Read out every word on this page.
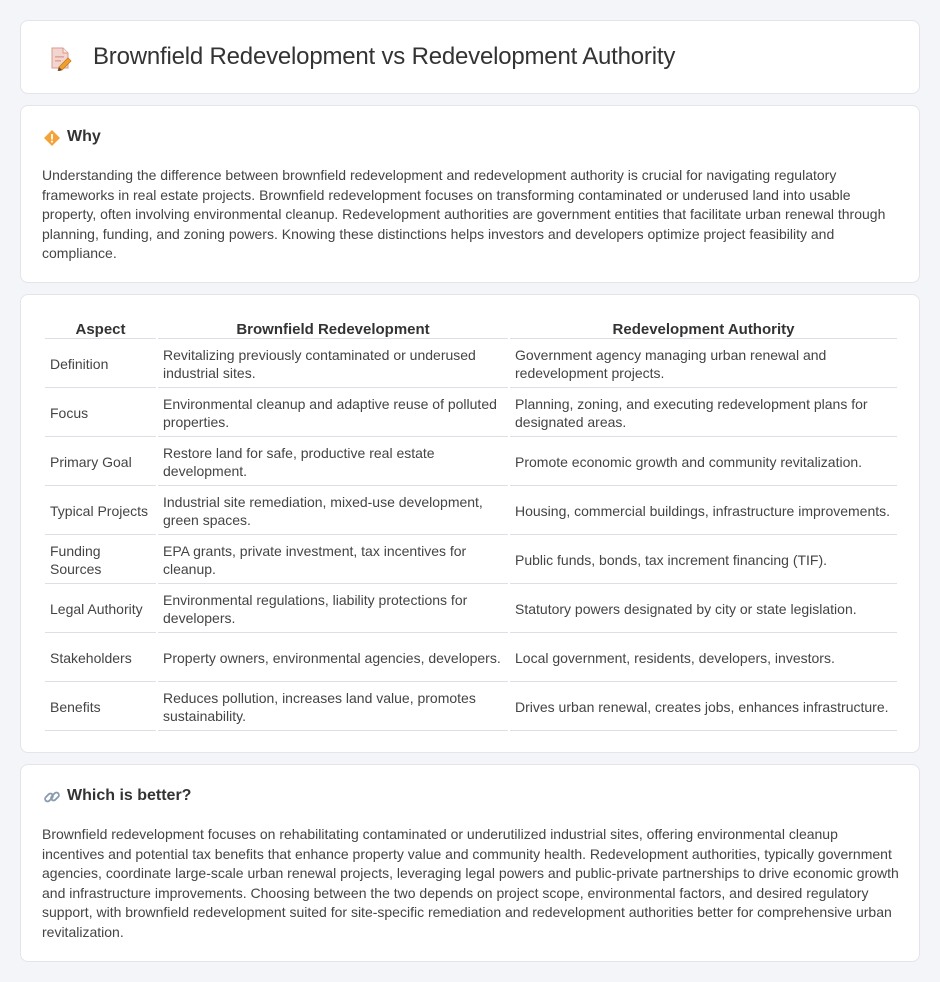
Brownfield Redevelopment vs Redevelopment Authority
Why

Understanding the difference between brownfield redevelopment and redevelopment authority is crucial for navigating regulatory frameworks in real estate projects. Brownfield redevelopment focuses on transforming contaminated or underused land into usable property, often involving environmental cleanup. Redevelopment authorities are government entities that facilitate urban renewal through planning, funding, and zoning powers. Knowing these distinctions helps investors and developers optimize project feasibility and compliance.

Aspect	Brownfield Redevelopment	Redevelopment Authority
Definition	Revitalizing previously contaminated or underused industrial sites.	Government agency managing urban renewal and redevelopment projects.
Focus	Environmental cleanup and adaptive reuse of polluted properties.	Planning, zoning, and executing redevelopment plans for designated areas.
Primary Goal	Restore land for safe, productive real estate development.	Promote economic growth and community revitalization.
Typical Projects	Industrial site remediation, mixed-use development, green spaces.	Housing, commercial buildings, infrastructure improvements.
Funding Sources	EPA grants, private investment, tax incentives for cleanup.	Public funds, bonds, tax increment financing (TIF).
Legal Authority	Environmental regulations, liability protections for developers.	Statutory powers designated by city or state legislation.
Stakeholders	Property owners, environmental agencies, developers.	Local government, residents, developers, investors.
Benefits	Reduces pollution, increases land value, promotes sustainability.	Drives urban renewal, creates jobs, enhances infrastructure.
Which is better?

Brownfield redevelopment focuses on rehabilitating contaminated or underutilized industrial sites, offering environmental cleanup incentives and potential tax benefits that enhance property value and community health. Redevelopment authorities, typically government agencies, coordinate large-scale urban renewal projects, leveraging legal powers and public-private partnerships to drive economic growth and infrastructure improvements. Choosing between the two depends on project scope, environmental factors, and desired regulatory support, with brownfield redevelopment suited for site-specific remediation and redevelopment authorities better for comprehensive urban revitalization.
